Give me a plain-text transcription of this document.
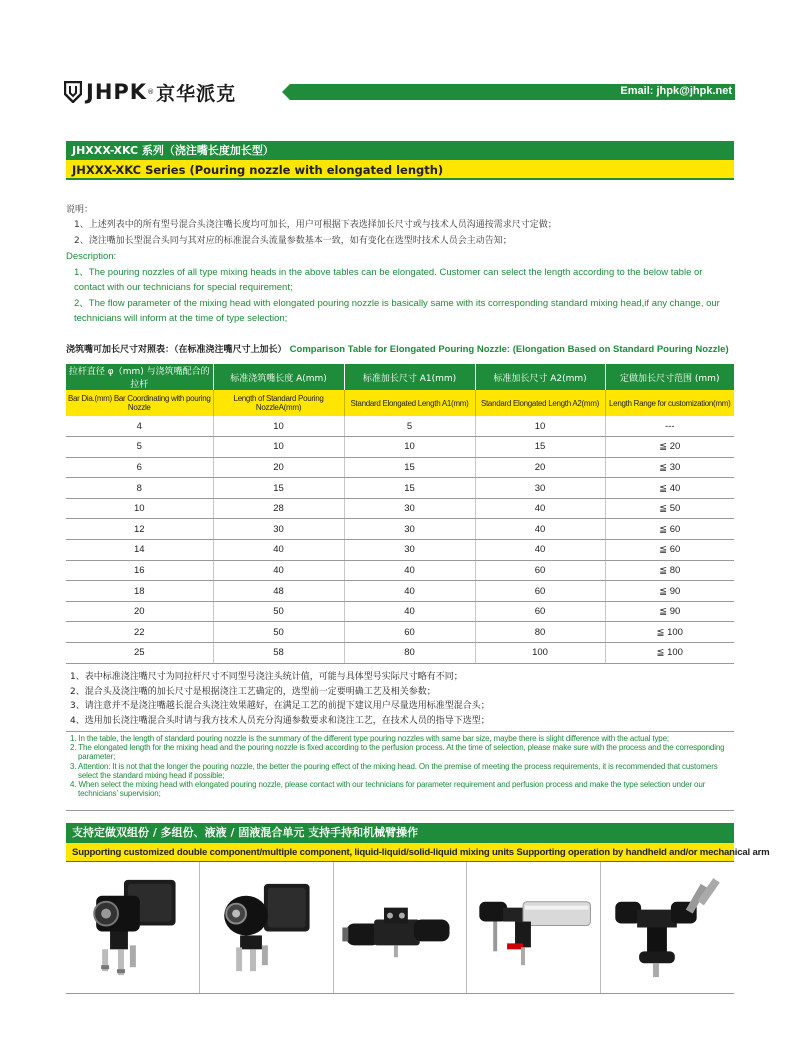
JHPK ® 京华派克	Email: jhpk@jhpk.net
JHXXX-XKC 系列（浇注嘴长度加长型）
JHXXX-XKC Series (Pouring nozzle with elongated length)
说明：
1、上述列表中的所有型号混合头浇注嘴长度均可加长，用户可根据下表选择加长尺寸或与技术人员沟通按需求尺寸定做；
2、浇注嘴加长型混合头同与其对应的标准混合头流量参数基本一致，如有变化在选型时技术人员会主动告知；
Description:
1、The pouring nozzles of all type mixing heads in the above tables can be elongated. Customer can select the length according to the below table or contact with our technicians for special requirement;
2、The flow parameter of the mixing head with elongated pouring nozzle is basically same with its corresponding standard mixing head,if any change, our technicians will inform at the time of type selection;
浇筑嘴可加长尺寸对照表：（在标准浇注嘴尺寸上加长） Comparison Table for Elongated Pouring Nozzle: (Elongation Based on Standard Pouring Nozzle)
拉杆直径 φ（mm) 与浇筑嘴配合的拉杆	标准浇筑嘴长度 A(mm)	标准加长尺寸 A1(mm)	标准加长尺寸 A2(mm)	定做加长尺寸范围 (mm)
Bar Dia.(mm) Bar Coordinating with pouring Nozzle	Length of Standard Pouring NozzleA(mm)	Standard Elongated Length A1(mm)	Standard Elongated Length A2(mm)	Length Range for customization(mm)
4	10	5	10	---
5	10	10	15	≦ 20
6	20	15	20	≦ 30
8	15	15	30	≦ 40
10	28	30	40	≦ 50
12	30	30	40	≦ 60
14	40	30	40	≦ 60
16	40	40	60	≦ 80
18	48	40	60	≦ 90
20	50	40	60	≦ 90
22	50	60	80	≦ 100
25	58	80	100	≦ 100
1、表中标准浇注嘴尺寸为同拉杆尺寸不同型号浇注头统计值，可能与具体型号实际尺寸略有不同；
2、混合头及浇注嘴的加长尺寸是根据浇注工艺确定的，选型前一定要明确工艺及相关参数；
3、请注意并不是浇注嘴越长混合头浇注效果越好，在满足工艺的前提下建议用户尽量选用标准型混合头；
4、选用加长浇注嘴混合头时请与我方技术人员充分沟通参数要求和浇注工艺，在技术人员的指导下选型；
1. In the table, the length of standard pouring nozzle is the summary of the different type pouring nozzles with same bar size, maybe there is slight difference with the actual type;
2. The elongated length for the mixing head and the pouring nozzle is fixed according to the perfusion process. At the time of selection, please make sure with the process and the corresponding parameter;
3. Attention: It is not that the longer the pouring nozzle, the better the pouring effect of the mixing head. On the premise of meeting the process requirements, it is recommended that customers select the standard mixing head if possible;
4. When select the mixing head with elongated pouring nozzle, please contact with our technicians for parameter requirement and perfusion process and make the type selection under our technicians’ supervision;
支持定做双组份 / 多组份、液液 / 固液混合单元 支持手持和机械臂操作
Supporting customized double component/multiple component, liquid-liquid/solid-liquid mixing units Supporting operation by handheld and/or mechanical arm
